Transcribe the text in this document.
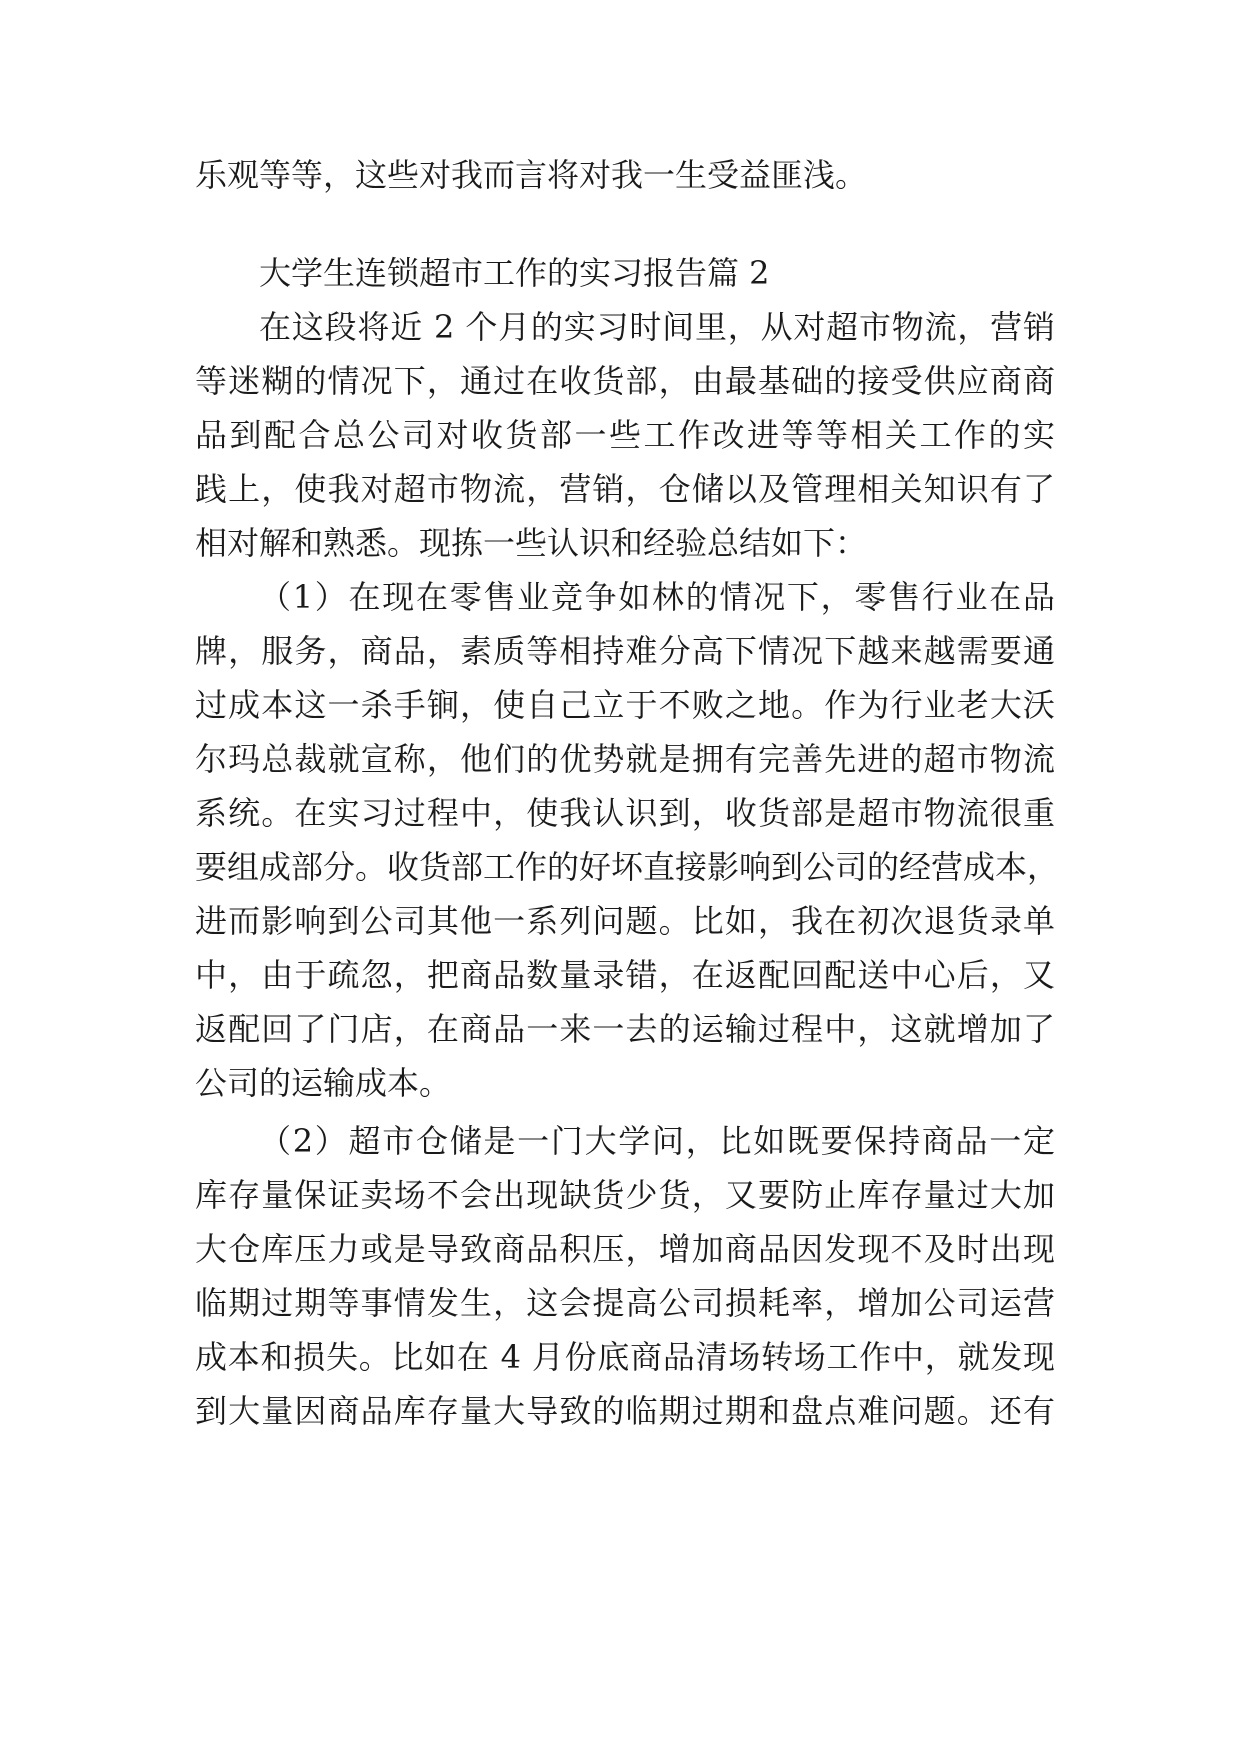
乐观等等，这些对我而言将对我一生受益匪浅。
大学生连锁超市工作的实习报告篇 2
在这段将近 2 个月的实习时间里，从对超市物流，营销
等迷糊的情况下，通过在收货部，由最基础的接受供应商商
品到配合总公司对收货部一些工作改进等等相关工作的实
践上，使我对超市物流，营销，仓储以及管理相关知识有了
相对解和熟悉。现拣一些认识和经验总结如下：
（1）在现在零售业竞争如林的情况下，零售行业在品
牌，服务，商品，素质等相持难分高下情况下越来越需要通
过成本这一杀手锏，使自己立于不败之地。作为行业老大沃
尔玛总裁就宣称，他们的优势就是拥有完善先进的超市物流
系统。在实习过程中，使我认识到，收货部是超市物流很重
要组成部分。收货部工作的好坏直接影响到公司的经营成本，
进而影响到公司其他一系列问题。比如，我在初次退货录单
中，由于疏忽，把商品数量录错，在返配回配送中心后，又
返配回了门店，在商品一来一去的运输过程中，这就增加了
公司的运输成本。
（2）超市仓储是一门大学问，比如既要保持商品一定
库存量保证卖场不会出现缺货少货，又要防止库存量过大加
大仓库压力或是导致商品积压，增加商品因发现不及时出现
临期过期等事情发生，这会提高公司损耗率，增加公司运营
成本和损失。比如在 4 月份底商品清场转场工作中，就发现
到大量因商品库存量大导致的临期过期和盘点难问题。还有
